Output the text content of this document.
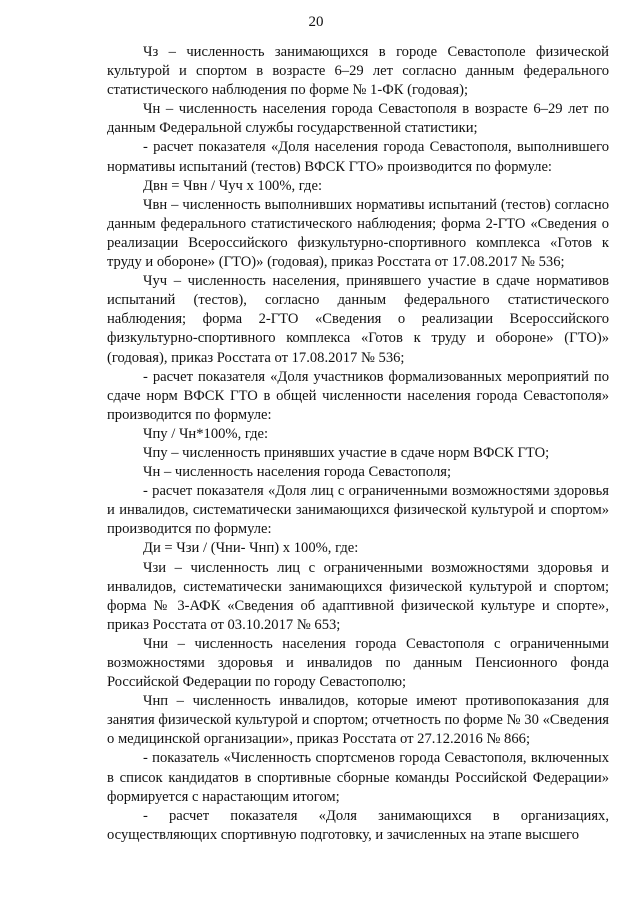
20

Чз – численность занимающихся в городе Севастополе физической культурой и спортом в возрасте 6–29 лет согласно данным федерального статистического наблюдения по форме № 1-ФК (годовая);

Чн – численность населения города Севастополя в возрасте 6–29 лет по данным Федеральной службы государственной статистики;

- расчет показателя «Доля населения города Севастополя, выполнившего нормативы испытаний (тестов) ВФСК ГТО» производится по формуле:

Двн = Чвн / Чуч х 100%, где:

Чвн – численность выполнивших нормативы испытаний (тестов) согласно данным федерального статистического наблюдения; форма 2-ГТО «Сведения о реализации Всероссийского физкультурно-спортивного комплекса «Готов к труду и обороне» (ГТО)» (годовая), приказ Росстата от 17.08.2017 № 536;

Чуч – численность населения, принявшего участие в сдаче нормативов испытаний (тестов), согласно данным федерального статистического наблюдения; форма 2-ГТО «Сведения о реализации Всероссийского физкультурно-спортивного комплекса «Готов к труду и обороне» (ГТО)» (годовая), приказ Росстата от 17.08.2017 № 536;

- расчет показателя «Доля участников формализованных мероприятий по сдаче норм ВФСК ГТО в общей численности населения города Севастополя» производится по формуле:

Чпу / Чн*100%, где:

Чпу – численность принявших участие в сдаче норм ВФСК ГТО;

Чн – численность населения города Севастополя;

- расчет показателя «Доля лиц с ограниченными возможностями здоровья и инвалидов, систематически занимающихся физической культурой и спортом» производится по формуле:

Ди = Чзи / (Чни- Чнп) х 100%, где:

Чзи – численность лиц с ограниченными возможностями здоровья и инвалидов, систематически занимающихся физической культурой и спортом; форма № 3-АФК «Сведения об адаптивной физической культуре и спорте», приказ Росстата от 03.10.2017 № 653;

Чни – численность населения города Севастополя с ограниченными возможностями здоровья и инвалидов по данным Пенсионного фонда Российской Федерации по городу Севастополю;

Чнп – численность инвалидов, которые имеют противопоказания для занятия физической культурой и спортом; отчетность по форме № 30 «Сведения о медицинской организации», приказ Росстата от 27.12.2016 № 866;

- показатель «Численность спортсменов города Севастополя, включенных в список кандидатов в спортивные сборные команды Российской Федерации» формируется с нарастающим итогом;

- расчет показателя «Доля занимающихся в организациях, осуществляющих спортивную подготовку, и зачисленных на этапе высшего
